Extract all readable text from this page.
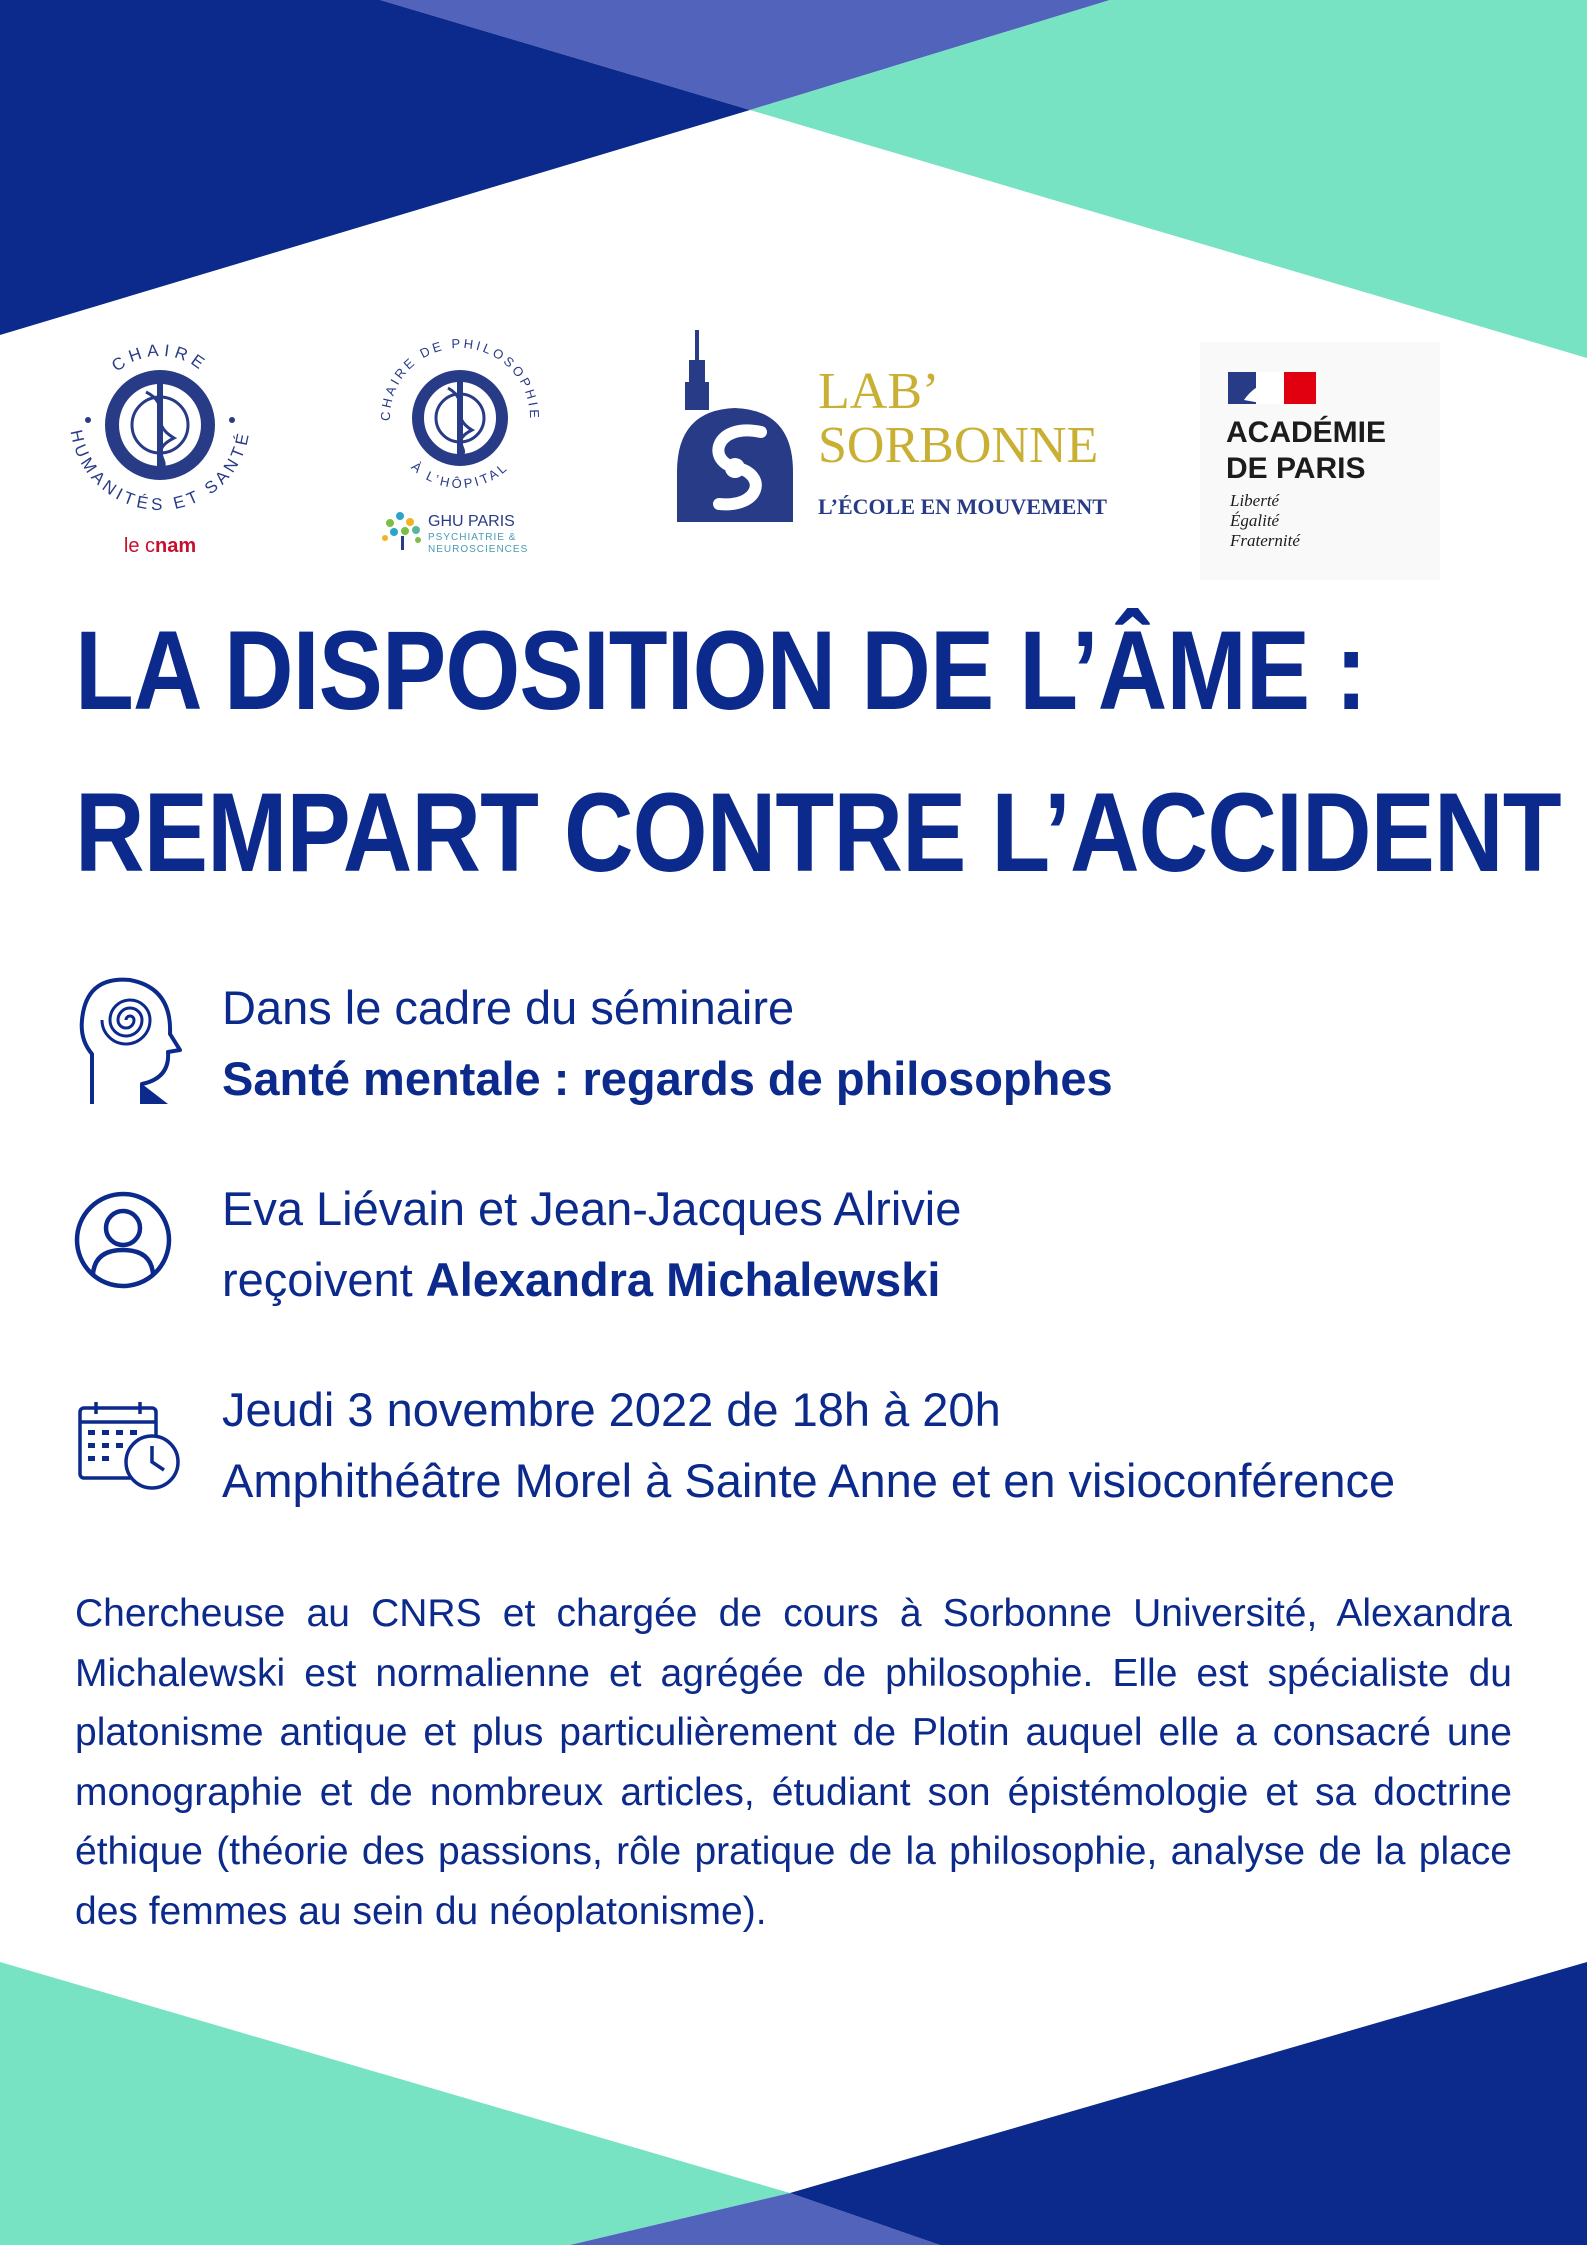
CHAIRE
HUMANITÉS ET SANTÉ
le cnam
CHAIRE DE PHILOSOPHIE
À L’HÔPITAL
GHU PARIS
PSYCHIATRIE &
NEUROSCIENCES
LAB’
SORBONNE
L’ÉCOLE EN MOUVEMENT
ACADÉMIE
DE PARIS
Liberté
Égalité
Fraternité
LA DISPOSITION DE L’ÂME :
REMPART CONTRE L’ACCIDENT
Dans le cadre du séminaire
Santé mentale : regards de philosophes
Eva Liévain et Jean-Jacques Alrivie
reçoivent Alexandra Michalewski
Jeudi 3 novembre 2022 de 18h à 20h
Amphithéâtre Morel à Sainte Anne et en visioconférence

Chercheuse au CNRS et chargée de cours à Sorbonne Université, Alexandra Michalewski est normalienne et agrégée de philosophie. Elle est spécialiste du platonisme antique et plus particulièrement de Plotin auquel elle a consacré une monographie et de nombreux articles, étudiant son épistémologie et sa doctrine éthique (théorie des passions, rôle pratique de la philosophie, analyse de la place des femmes au sein du néoplatonisme).
